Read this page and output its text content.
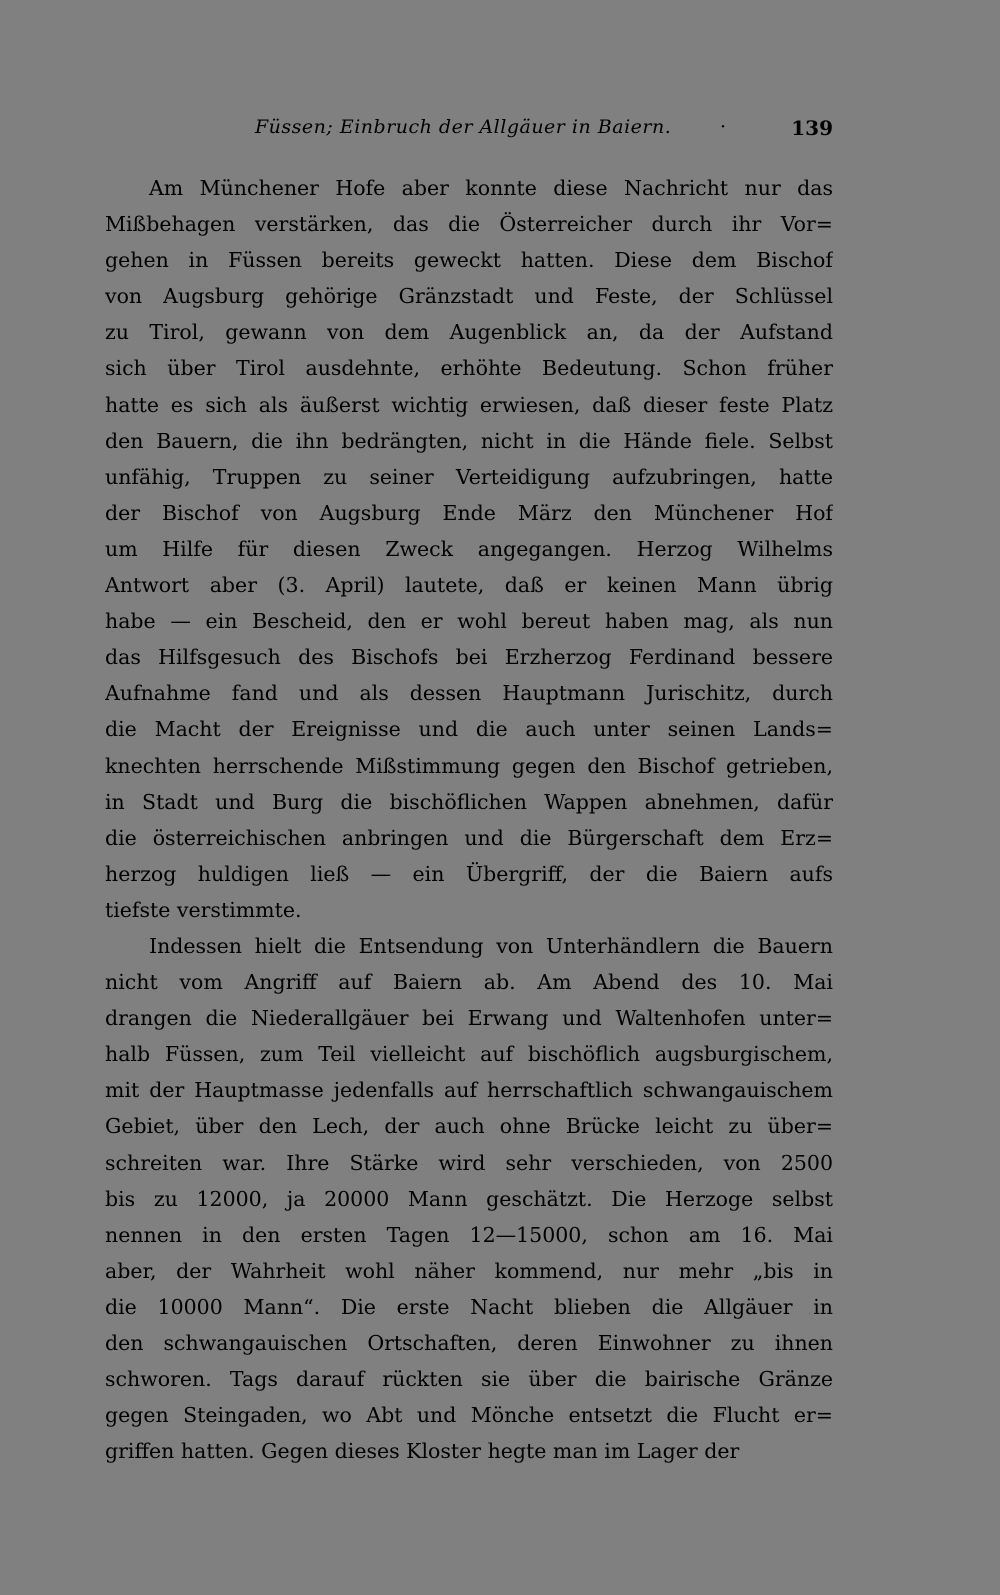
Füssen; Einbruch der Allgäuer in Baiern.	·	139
Am Münchener Hofe aber konnte diese Nachricht nur das
Mißbehagen verstärken, das die Österreicher durch ihr Vor=
gehen in Füssen bereits geweckt hatten. Diese dem Bischof
von Augsburg gehörige Gränzstadt und Feste, der Schlüssel
zu Tirol, gewann von dem Augenblick an, da der Aufstand
sich über Tirol ausdehnte, erhöhte Bedeutung. Schon früher
hatte es sich als äußerst wichtig erwiesen, daß dieser feste Platz
den Bauern, die ihn bedrängten, nicht in die Hände fiele. Selbst
unfähig, Truppen zu seiner Verteidigung aufzubringen, hatte
der Bischof von Augsburg Ende März den Münchener Hof
um Hilfe für diesen Zweck angegangen. Herzog Wilhelms
Antwort aber (3. April) lautete, daß er keinen Mann übrig
habe — ein Bescheid, den er wohl bereut haben mag, als nun
das Hilfsgesuch des Bischofs bei Erzherzog Ferdinand bessere
Aufnahme fand und als dessen Hauptmann Jurischitz, durch
die Macht der Ereignisse und die auch unter seinen Lands=
knechten herrschende Mißstimmung gegen den Bischof getrieben,
in Stadt und Burg die bischöflichen Wappen abnehmen, dafür
die österreichischen anbringen und die Bürgerschaft dem Erz=
herzog huldigen ließ — ein Übergriff, der die Baiern aufs
tiefste verstimmte.
Indessen hielt die Entsendung von Unterhändlern die Bauern
nicht vom Angriff auf Baiern ab. Am Abend des 10. Mai
drangen die Niederallgäuer bei Erwang und Waltenhofen unter=
halb Füssen, zum Teil vielleicht auf bischöflich augsburgischem,
mit der Hauptmasse jedenfalls auf herrschaftlich schwangauischem
Gebiet, über den Lech, der auch ohne Brücke leicht zu über=
schreiten war. Ihre Stärke wird sehr verschieden, von 2500
bis zu 12000, ja 20000 Mann geschätzt. Die Herzoge selbst
nennen in den ersten Tagen 12—15000, schon am 16. Mai
aber, der Wahrheit wohl näher kommend, nur mehr „bis in
die 10000 Mann“. Die erste Nacht blieben die Allgäuer in
den schwangauischen Ortschaften, deren Einwohner zu ihnen
schworen. Tags darauf rückten sie über die bairische Gränze
gegen Steingaden, wo Abt und Mönche entsetzt die Flucht er=
griffen hatten. Gegen dieses Kloster hegte man im Lager der
